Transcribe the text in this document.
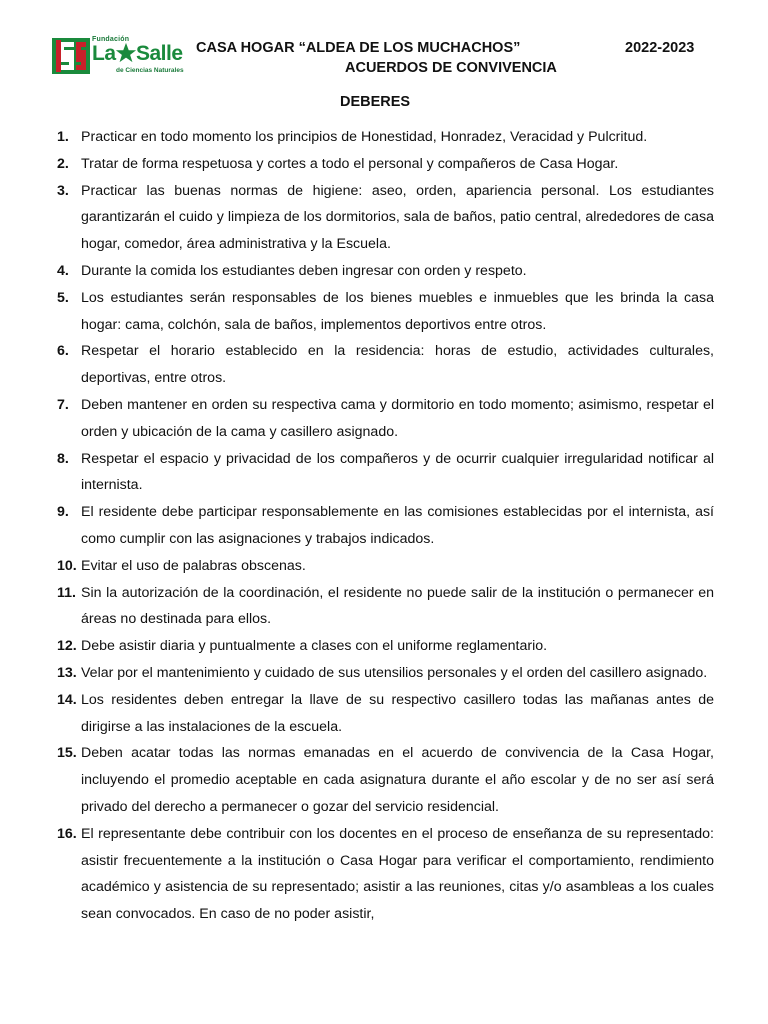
Fundación
La Salle
de Ciencias Naturales
CASA HOGAR “ALDEA DE LOS MUCHACHOS”	2022-2023
ACUERDOS DE CONVIVENCIA
DEBERES
1. Practicar en todo momento los principios de Honestidad, Honradez, Veracidad y Pulcritud.
2. Tratar de forma respetuosa y cortes a todo el personal y compañeros de Casa Hogar.
3. Practicar las buenas normas de higiene: aseo, orden, apariencia personal. Los estudiantes garantizarán el cuido y limpieza de los dormitorios, sala de baños, patio central, alrededores de casa hogar, comedor, área administrativa y la Escuela.
4. Durante la comida los estudiantes deben ingresar con orden y respeto.
5. Los estudiantes serán responsables de los bienes muebles e inmuebles que les brinda la casa hogar: cama, colchón, sala de baños, implementos deportivos entre otros.
6. Respetar el horario establecido en la residencia: horas de estudio, actividades culturales, deportivas, entre otros.
7. Deben mantener en orden su respectiva cama y dormitorio en todo momento; asimismo, respetar el orden y ubicación de la cama y casillero asignado.
8. Respetar el espacio y privacidad de los compañeros y de ocurrir cualquier irregularidad notificar al internista.
9. El residente debe participar responsablemente en las comisiones establecidas por el internista, así como cumplir con las asignaciones y trabajos indicados.
10. Evitar el uso de palabras obscenas.
11. Sin la autorización de la coordinación, el residente no puede salir de la institución o permanecer en áreas no destinada para ellos.
12. Debe asistir diaria y puntualmente a clases con el uniforme reglamentario.
13. Velar por el mantenimiento y cuidado de sus utensilios personales y el orden del casillero asignado.
14. Los residentes deben entregar la llave de su respectivo casillero todas las mañanas antes de dirigirse a las instalaciones de la escuela.
15. Deben acatar todas las normas emanadas en el acuerdo de convivencia de la Casa Hogar, incluyendo el promedio aceptable en cada asignatura durante el año escolar y de no ser así será privado del derecho a permanecer o gozar del servicio residencial.
16. El representante debe contribuir con los docentes en el proceso de enseñanza de su representado: asistir frecuentemente a la institución o Casa Hogar para verificar el comportamiento, rendimiento académico y asistencia de su representado; asistir a las reuniones, citas y/o asambleas a los cuales sean convocados. En caso de no poder asistir,
